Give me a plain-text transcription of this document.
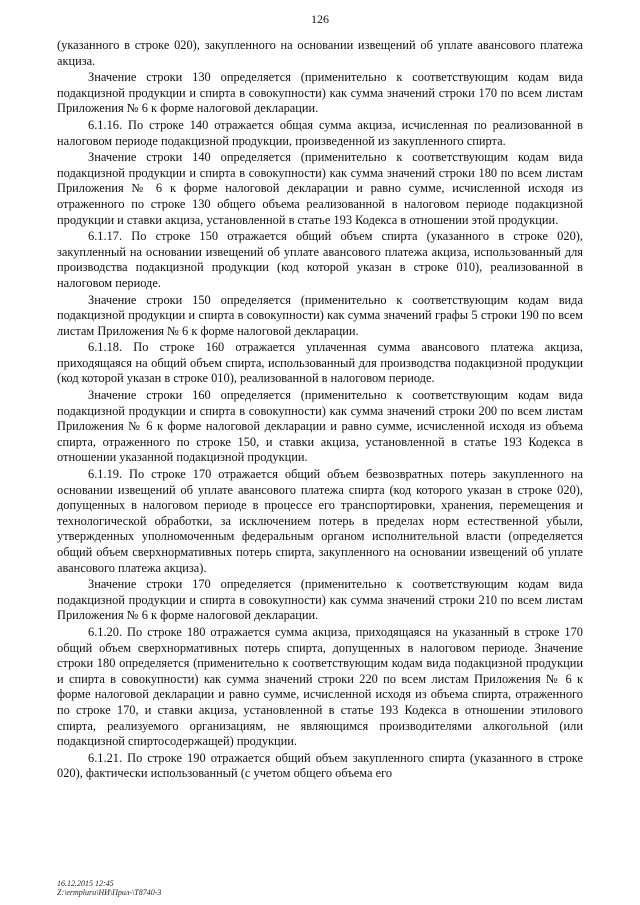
126

(указанного в строке 020), закупленного на основании извещений об уплате авансового платежа акциза.

Значение строки 130 определяется (применительно к соответствующим кодам вида подакцизной продукции и спирта в совокупности) как сумма значений строки 170 по всем листам Приложения № 6 к форме налоговой декларации.

6.1.16. По строке 140 отражается общая сумма акциза, исчисленная по реализованной в налоговом периоде подакцизной продукции, произведенной из закупленного спирта.

Значение строки 140 определяется (применительно к соответствующим кодам вида подакцизной продукции и спирта в совокупности) как сумма значений строки 180 по всем листам Приложения № 6 к форме налоговой декларации и равно сумме, исчисленной исходя из отраженного по строке 130 общего объема реализованной в налоговом периоде подакцизной продукции и ставки акциза, установленной в статье 193 Кодекса в отношении этой продукции.

6.1.17. По строке 150 отражается общий объем спирта (указанного в строке 020), закупленный на основании извещений об уплате авансового платежа акциза, использованный для производства подакцизной продукции (код которой указан в строке 010), реализованной в налоговом периоде.

Значение строки 150 определяется (применительно к соответствующим кодам вида подакцизной продукции и спирта в совокупности) как сумма значений графы 5 строки 190 по всем листам Приложения № 6 к форме налоговой декларации.

6.1.18. По строке 160 отражается уплаченная сумма авансового платежа акциза, приходящаяся на общий объем спирта, использованный для производства подакцизной продукции (код которой указан в строке 010), реализованной в налоговом периоде.

Значение строки 160 определяется (применительно к соответствующим кодам вида подакцизной продукции и спирта в совокупности) как сумма значений строки 200 по всем листам Приложения № 6 к форме налоговой декларации и равно сумме, исчисленной исходя из объема спирта, отраженного по строке 150, и ставки акциза, установленной в статье 193 Кодекса в отношении указанной подакцизной продукции.

6.1.19. По строке 170 отражается общий объем безвозвратных потерь закупленного на основании извещений об уплате авансового платежа спирта (код которого указан в строке 020), допущенных в налоговом периоде в процессе его транспортировки, хранения, перемещения и технологической обработки, за исключением потерь в пределах норм естественной убыли, утвержденных уполномоченным федеральным органом исполнительной власти (определяется общий объем сверхнормативных потерь спирта, закупленного на основании извещений об уплате авансового платежа акциза).

Значение строки 170 определяется (применительно к соответствующим кодам вида подакцизной продукции и спирта в совокупности) как сумма значений строки 210 по всем листам Приложения № 6 к форме налоговой декларации.

6.1.20. По строке 180 отражается сумма акциза, приходящаяся на указанный в строке 170 общий объем сверхнормативных потерь спирта, допущенных в налоговом периоде. Значение строки 180 определяется (применительно к соответствующим кодам вида подакцизной продукции и спирта в совокупности) как сумма значений строки 220 по всем листам Приложения № 6 к форме налоговой декларации и равно сумме, исчисленной исходя из объема спирта, отраженного по строке 170, и ставки акциза, установленной в статье 193 Кодекса в отношении этилового спирта, реализуемого организациям, не являющимся производителями алкогольной (или подакцизной спиртосодержащей) продукции.

6.1.21. По строке 190 отражается общий объем закупленного спирта (указанного в строке 020), фактически использованный (с учетом общего объема его

16.12.2015 12:45
Z:\ermpluru\НИ\Прил-\Т8740-3
